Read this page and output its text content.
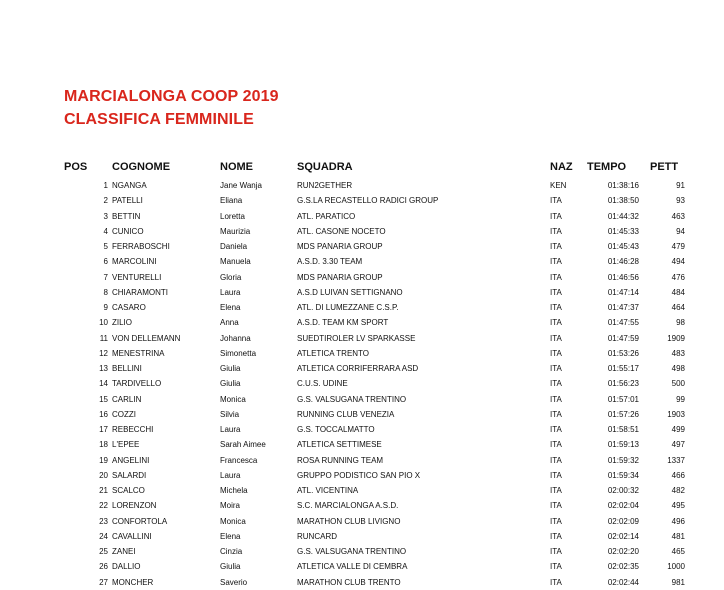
MARCIALONGA COOP 2019
CLASSIFICA FEMMINILE
POS COGNOME	NOME	SQUADRA	NAZ TEMPO PETT
1 NGANGA	Jane Wanja	RUN2GETHER	KEN	01:38:16	91
2 PATELLI	Eliana	G.S.LA RECASTELLO RADICI GROUP	ITA	01:38:50	93
3 BETTIN	Loretta	ATL. PARATICO	ITA	01:44:32	463
4 CUNICO	Maurizia	ATL. CASONE NOCETO	ITA	01:45:33	94
5 FERRABOSCHI	Daniela	MDS PANARIA GROUP	ITA	01:45:43	479
6 MARCOLINI	Manuela	A.S.D. 3.30 TEAM	ITA	01:46:28	494
7 VENTURELLI	Gloria	MDS PANARIA GROUP	ITA	01:46:56	476
8 CHIARAMONTI	Laura	A.S.D LUIVAN SETTIGNANO	ITA	01:47:14	484
9 CASARO	Elena	ATL. DI LUMEZZANE C.S.P.	ITA	01:47:37	464
10 ZILIO	Anna	A.S.D. TEAM KM SPORT	ITA	01:47:55	98
11 VON DELLEMANN	Johanna	SUEDTIROLER LV SPARKASSE	ITA	01:47:59	1909
12 MENESTRINA	Simonetta	ATLETICA TRENTO	ITA	01:53:26	483
13 BELLINI	Giulia	ATLETICA CORRIFERRARA ASD	ITA	01:55:17	498
14 TARDIVELLO	Giulia	C.U.S. UDINE	ITA	01:56:23	500
15 CARLIN	Monica	G.S. VALSUGANA TRENTINO	ITA	01:57:01	99
16 COZZI	Silvia	RUNNING CLUB VENEZIA	ITA	01:57:26	1903
17 REBECCHI	Laura	G.S. TOCCALMATTO	ITA	01:58:51	499
18 L'EPEE	Sarah Aimee	ATLETICA SETTIMESE	ITA	01:59:13	497
19 ANGELINI	Francesca	ROSA RUNNING TEAM	ITA	01:59:32	1337
20 SALARDI	Laura	GRUPPO PODISTICO SAN PIO X	ITA	01:59:34	466
21 SCALCO	Michela	ATL. VICENTINA	ITA	02:00:32	482
22 LORENZON	Moira	S.C. MARCIALONGA A.S.D.	ITA	02:02:04	495
23 CONFORTOLA	Monica	MARATHON CLUB LIVIGNO	ITA	02:02:09	496
24 CAVALLINI	Elena	RUNCARD	ITA	02:02:14	481
25 ZANEI	Cinzia	G.S. VALSUGANA TRENTINO	ITA	02:02:20	465
26 DALLIO	Giulia	ATLETICA VALLE DI CEMBRA	ITA	02:02:35	1000
27 MONCHER	Saverio	MARATHON CLUB TRENTO	ITA	02:02:44	981
